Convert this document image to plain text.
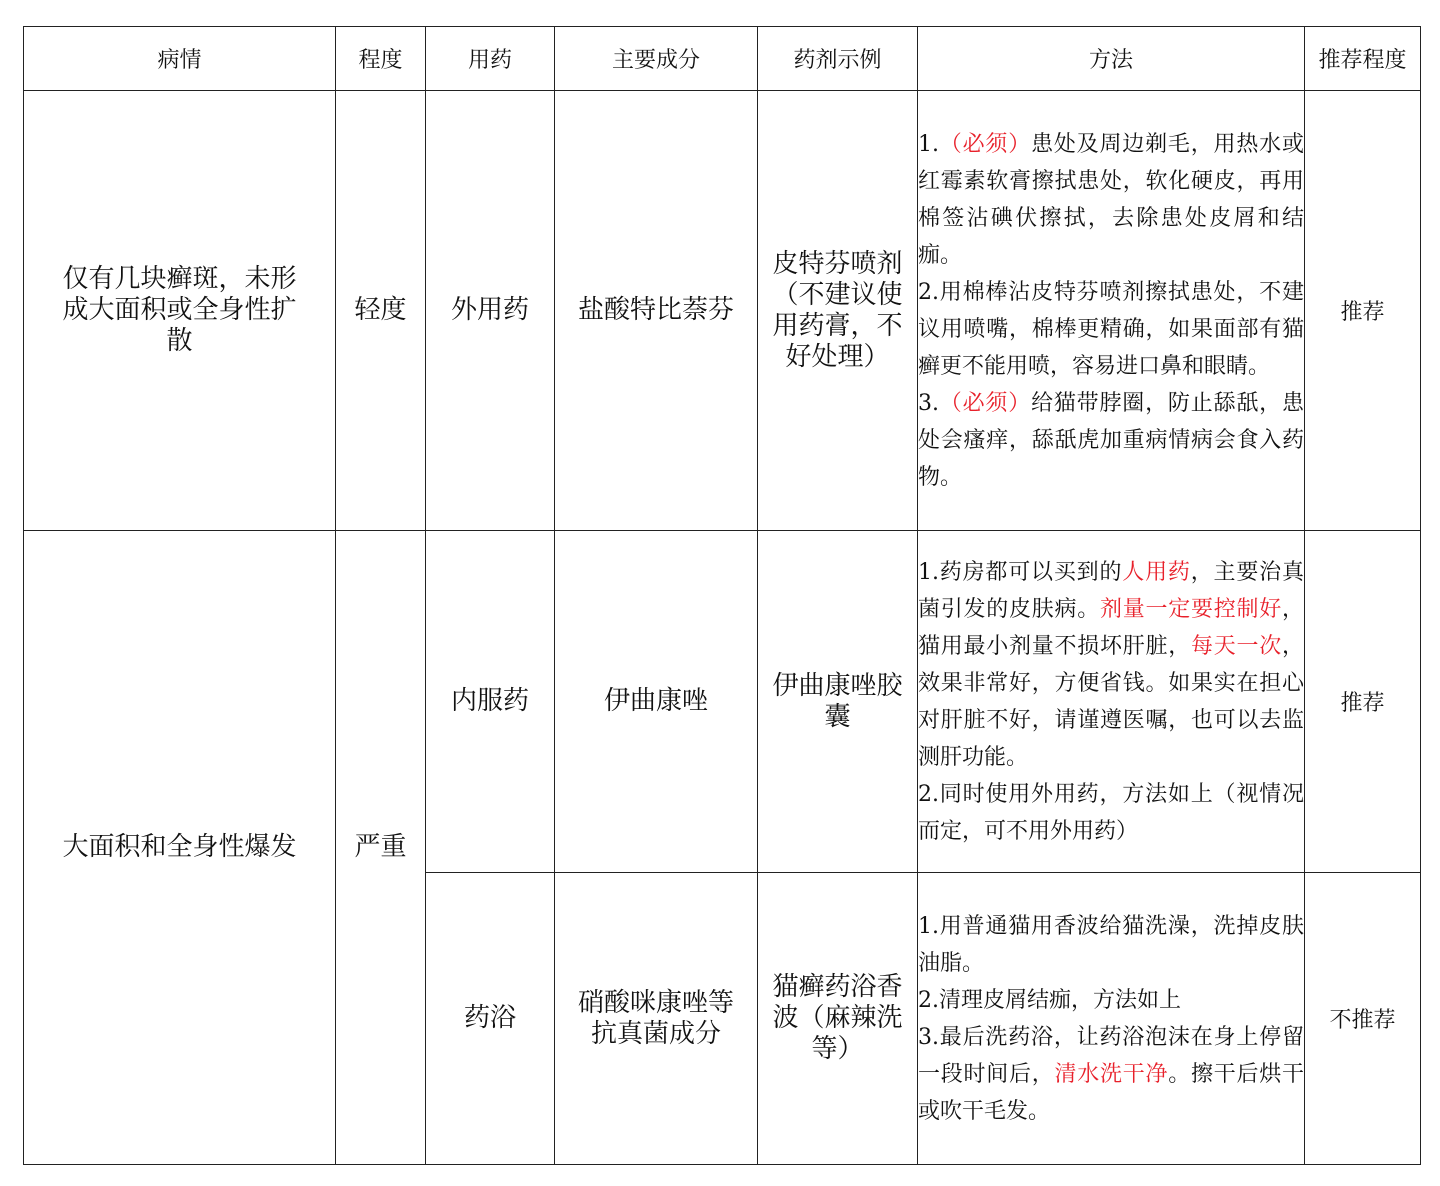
病情	程度	用药	主要成分	药剂示例	方法	推荐程度
仅有几块癣斑，未形成大面积或全身性扩散	轻度	外用药	盐酸特比萘芬	皮特芬喷剂（不建议使用药膏，不好处理）	1.（必须）患处及周边剃毛，用热水或红霉素软膏擦拭患处，软化硬皮，再用棉签沾碘伏擦拭，去除患处皮屑和结痂。
2.用棉棒沾皮特芬喷剂擦拭患处，不建议用喷嘴，棉棒更精确，如果面部有猫癣更不能用喷，容易进口鼻和眼睛。
3.（必须）给猫带脖圈，防止舔舐，患处会瘙痒，舔舐虎加重病情病会食入药物。	推荐
大面积和全身性爆发	严重	内服药	伊曲康唑	伊曲康唑胶囊	1.药房都可以买到的人用药，主要治真菌引发的皮肤病。剂量一定要控制好，猫用最小剂量不损坏肝脏，每天一次，效果非常好，方便省钱。如果实在担心对肝脏不好，请谨遵医嘱，也可以去监测肝功能。
2.同时使用外用药，方法如上（视情况而定，可不用外用药）	推荐
		药浴	硝酸咪康唑等抗真菌成分	猫癣药浴香波（麻辣洗等）	1.用普通猫用香波给猫洗澡，洗掉皮肤油脂。
2.清理皮屑结痂，方法如上
3.最后洗药浴，让药浴泡沫在身上停留一段时间后，清水洗干净。擦干后烘干或吹干毛发。	不推荐
